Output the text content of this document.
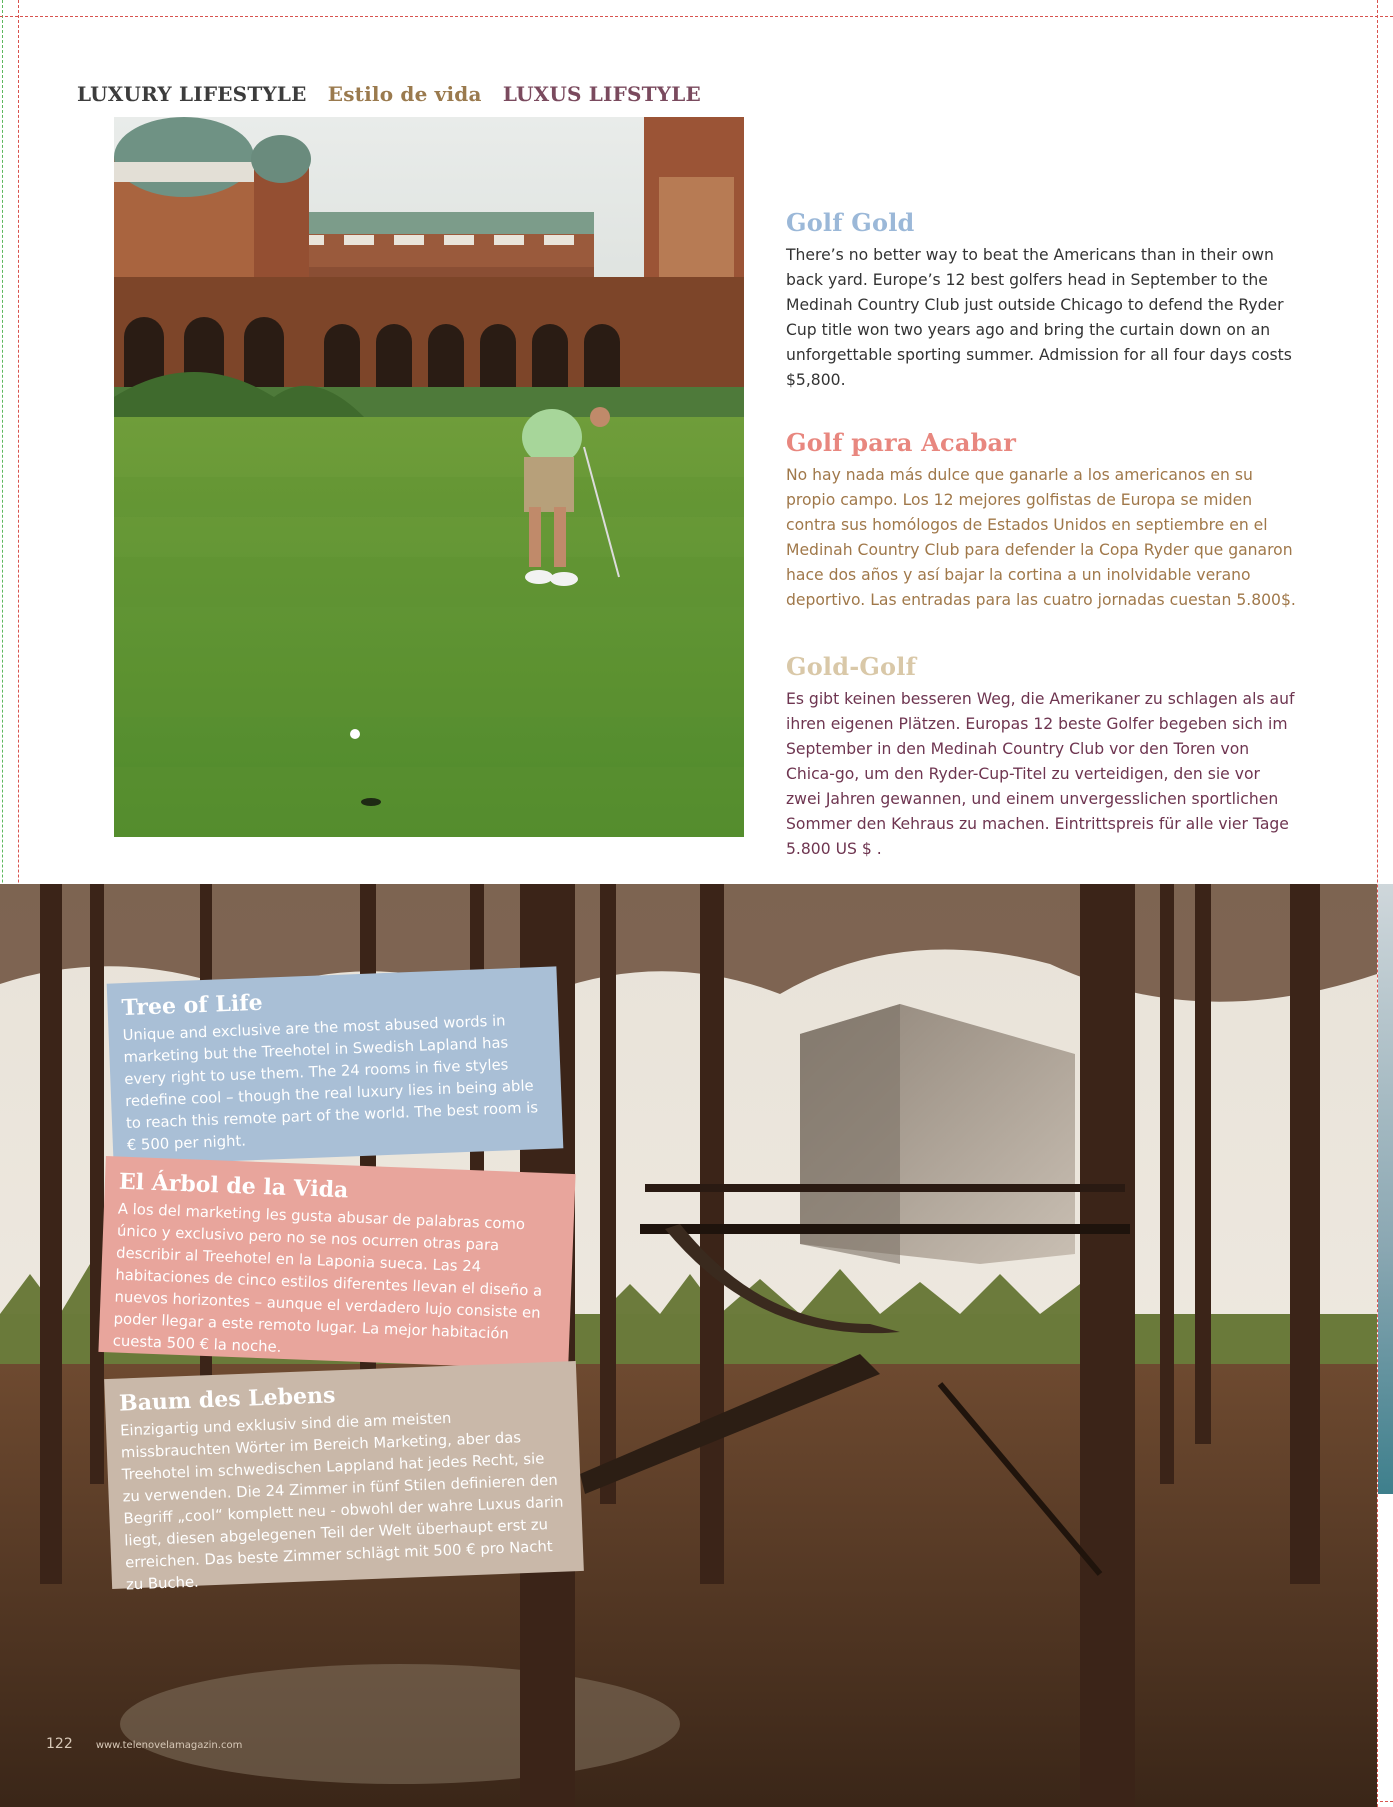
LUXURY LIFESTYLE Estilo de vida LUXUS LIFSTYLE
Golf Gold

There’s no better way to beat the Americans than in their own back yard. Europe’s 12 best golfers head in September to the Medinah Country Club just outside Chicago to defend the Ryder Cup title won two years ago and bring the curtain down on an unforgettable sporting summer. Admission for all four days costs $5,800.

Golf para Acabar

No hay nada más dulce que ganarle a los americanos en su propio campo. Los 12 mejores golfistas de Europa se miden contra sus homólogos de Estados Unidos en septiembre en el Medinah Country Club para defender la Copa Ryder que ganaron hace dos años y así bajar la cortina a un inolvidable verano deportivo. Las entradas para las cuatro jornadas cuestan 5.800$.

Gold-Golf

Es gibt keinen besseren Weg, die Amerikaner zu schlagen als auf ihren eigenen Plätzen. Europas 12 beste Golfer begeben sich im September in den Medinah Country Club vor den Toren von Chica-go, um den Ryder-Cup-Titel zu verteidigen, den sie vor zwei Jahren gewannen, und einem unvergesslichen sportlichen Sommer den Kehraus zu machen. Eintrittspreis für alle vier Tage 5.800 US $ .

Tree of Life

Unique and exclusive are the most abused words in marketing but the Treehotel in Swedish Lapland has every right to use them. The 24 rooms in five styles redefine cool – though the real luxury lies in being able to reach this remote part of the world. The best room is € 500 per night.

El Árbol de la Vida

A los del marketing les gusta abusar de palabras como único y exclusivo pero no se nos ocurren otras para describir al Treehotel en la Laponia sueca. Las 24 habitaciones de cinco estilos diferentes llevan el diseño a nuevos horizontes – aunque el verdadero lujo consiste en poder llegar a este remoto lugar. La mejor habitación cuesta 500 € la noche.

Baum des Lebens

Einzigartig und exklusiv sind die am meisten missbrauchten Wörter im Bereich Marketing, aber das Treehotel im schwedischen Lappland hat jedes Recht, sie zu verwenden. Die 24 Zimmer in fünf Stilen definieren den Begriff „cool“ komplett neu - obwohl der wahre Luxus darin liegt, diesen abgelegenen Teil der Welt überhaupt erst zu erreichen. Das beste Zimmer schlägt mit 500 € pro Nacht zu Buche.

122 www.telenovelamagazin.com
